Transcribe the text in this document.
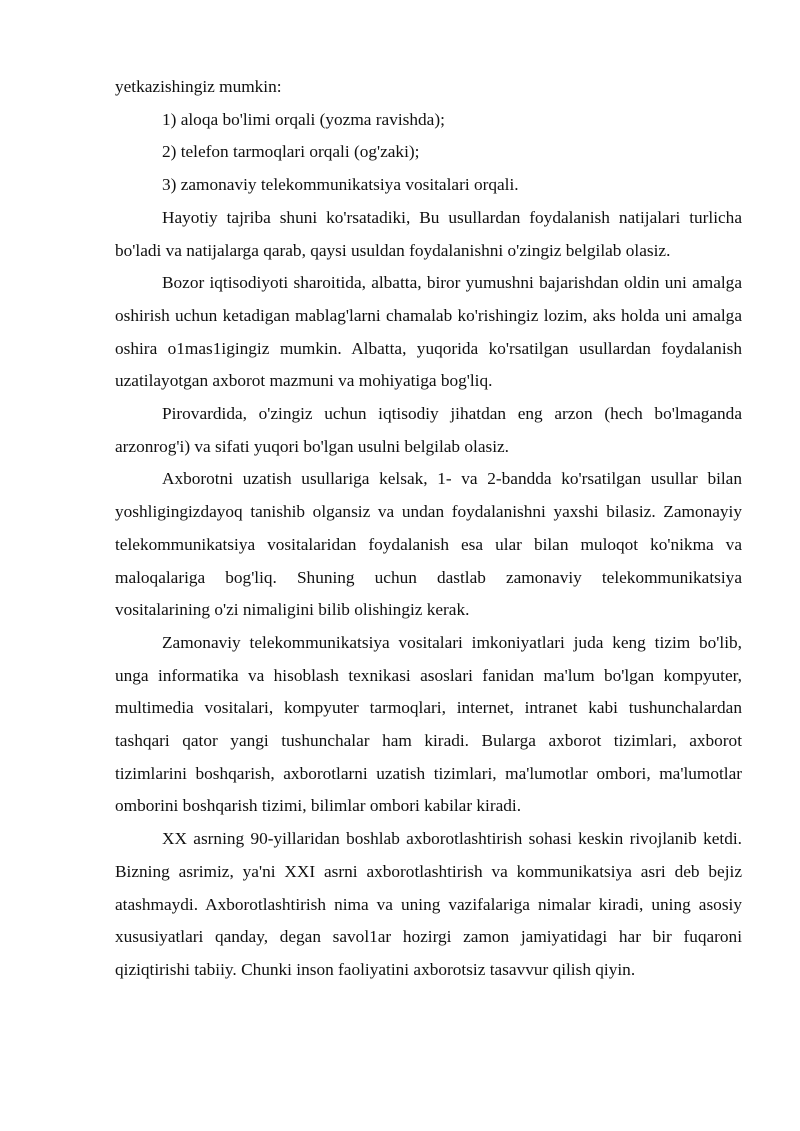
yetkazishingiz mumkin:

1) aloqa bo'limi orqali (yozma ravishda);

2) telefon tarmoqlari orqali (og'zaki);

3) zamonaviy telekommunikatsiya vositalari orqali.

Hayotiy tajriba shuni ko'rsatadiki, Bu usullardan foydalanish natijalari turlicha bo'ladi va natijalarga qarab, qaysi usuldan foydalanishni o'zingiz belgilab olasiz.

Bozor iqtisodiyoti sharoitida, albatta, biror yumushni bajarishdan oldin uni amalga oshirish uchun ketadigan mablag'larni chamalab ko'rishingiz lozim, aks holda uni amalga oshira o1mas1igingiz mumkin. Albatta, yuqorida ko'rsatilgan usullardan foydalanish uzatilayotgan axborot mazmuni va mohiyatiga bog'liq.

Pirovardida, o'zingiz uchun iqtisodiy jihatdan eng arzon (hech bo'lmaganda arzonrog'i) va sifati yuqori bo'lgan usulni belgilab olasiz.

Axborotni uzatish usullariga kelsak, 1- va 2-bandda ko'rsatilgan usullar bilan yoshligingizdayoq tanishib olgansiz va undan foydalanishni yaxshi bilasiz. Zamonayiy telekommunikatsiya vositalaridan foydalanish esa ular bilan muloqot ko'nikma va maloqalariga bog'liq. Shuning uchun dastlab zamonaviy telekommunikatsiya vositalarining o'zi nimaligini bilib olishingiz kerak.

Zamonaviy telekommunikatsiya vositalari imkoniyatlari juda keng tizim bo'lib, unga informatika va hisoblash texnikasi asoslari fanidan ma'lum bo'lgan kompyuter, multimedia vositalari, kompyuter tarmoqlari, internet, intranet kabi tushunchalardan tashqari qator yangi tushunchalar ham kiradi. Bularga axborot tizimlari, axborot tizimlarini boshqarish, axborotlarni uzatish tizimlari, ma'lumotlar ombori, ma'lumotlar omborini boshqarish tizimi, bilimlar ombori kabilar kiradi.

XX asrning 90-yillaridan boshlab axborotlashtirish sohasi keskin rivojlanib ketdi. Bizning asrimiz, ya'ni XXI asrni axborotlashtirish va kommunikatsiya asri deb bejiz atashmaydi. Axborotlashtirish nima va uning vazifalariga nimalar kiradi, uning asosiy xususiyatlari qanday, degan savol1ar hozirgi zamon jamiyatidagi har bir fuqaroni qiziqtirishi tabiiy. Chunki inson faoliyatini axborotsiz tasavvur qilish qiyin.
